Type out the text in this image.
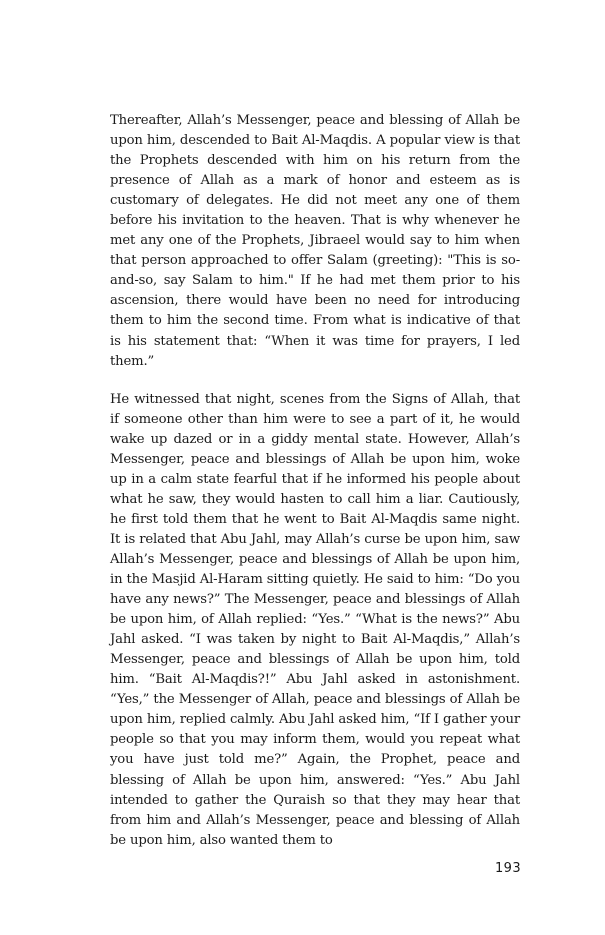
Thereafter, Allah’s Messenger, peace and blessing of Allah be upon him, descended to Bait Al-Maqdis. A popular view is that the Prophets descended with him on his return from the presence of Allah as a mark of honor and esteem as is customary of delegates. He did not meet any one of them before his invitation to the heaven. That is why whenever he met any one of the Prophets, Jibraeel would say to him when that person approached to offer Salam (greeting): "This is so-and-so, say Salam to him." If he had met them prior to his ascension, there would have been no need for introducing them to him the second time. From what is indicative of that is his statement that: “When it was time for prayers, I led them.”

He witnessed that night, scenes from the Signs of Allah, that if someone other than him were to see a part of it, he would wake up dazed or in a giddy mental state. However, Allah’s Messenger, peace and blessings of Allah be upon him, woke up in a calm state fearful that if he informed his people about what he saw, they would hasten to call him a liar. Cautiously, he first told them that he went to Bait Al-Maqdis same night. It is related that Abu Jahl, may Allah’s curse be upon him, saw Allah’s Messenger, peace and blessings of Allah be upon him, in the Masjid Al-Haram sitting quietly. He said to him: “Do you have any news?” The Messenger, peace and blessings of Allah be upon him, of Allah replied: “Yes.” “What is the news?” Abu Jahl asked. “I was taken by night to Bait Al-Maqdis,” Allah’s Messenger, peace and blessings of Allah be upon him, told him. “Bait Al-Maqdis?!” Abu Jahl asked in astonishment. “Yes,” the Messenger of Allah, peace and blessings of Allah be upon him, replied calmly. Abu Jahl asked him, “If I gather your people so that you may inform them, would you repeat what you have just told me?” Again, the Prophet, peace and blessing of Allah be upon him, answered: “Yes.” Abu Jahl intended to gather the Quraish so that they may hear that from him and Allah’s Messenger, peace and blessing of Allah be upon him, also wanted them to

193
